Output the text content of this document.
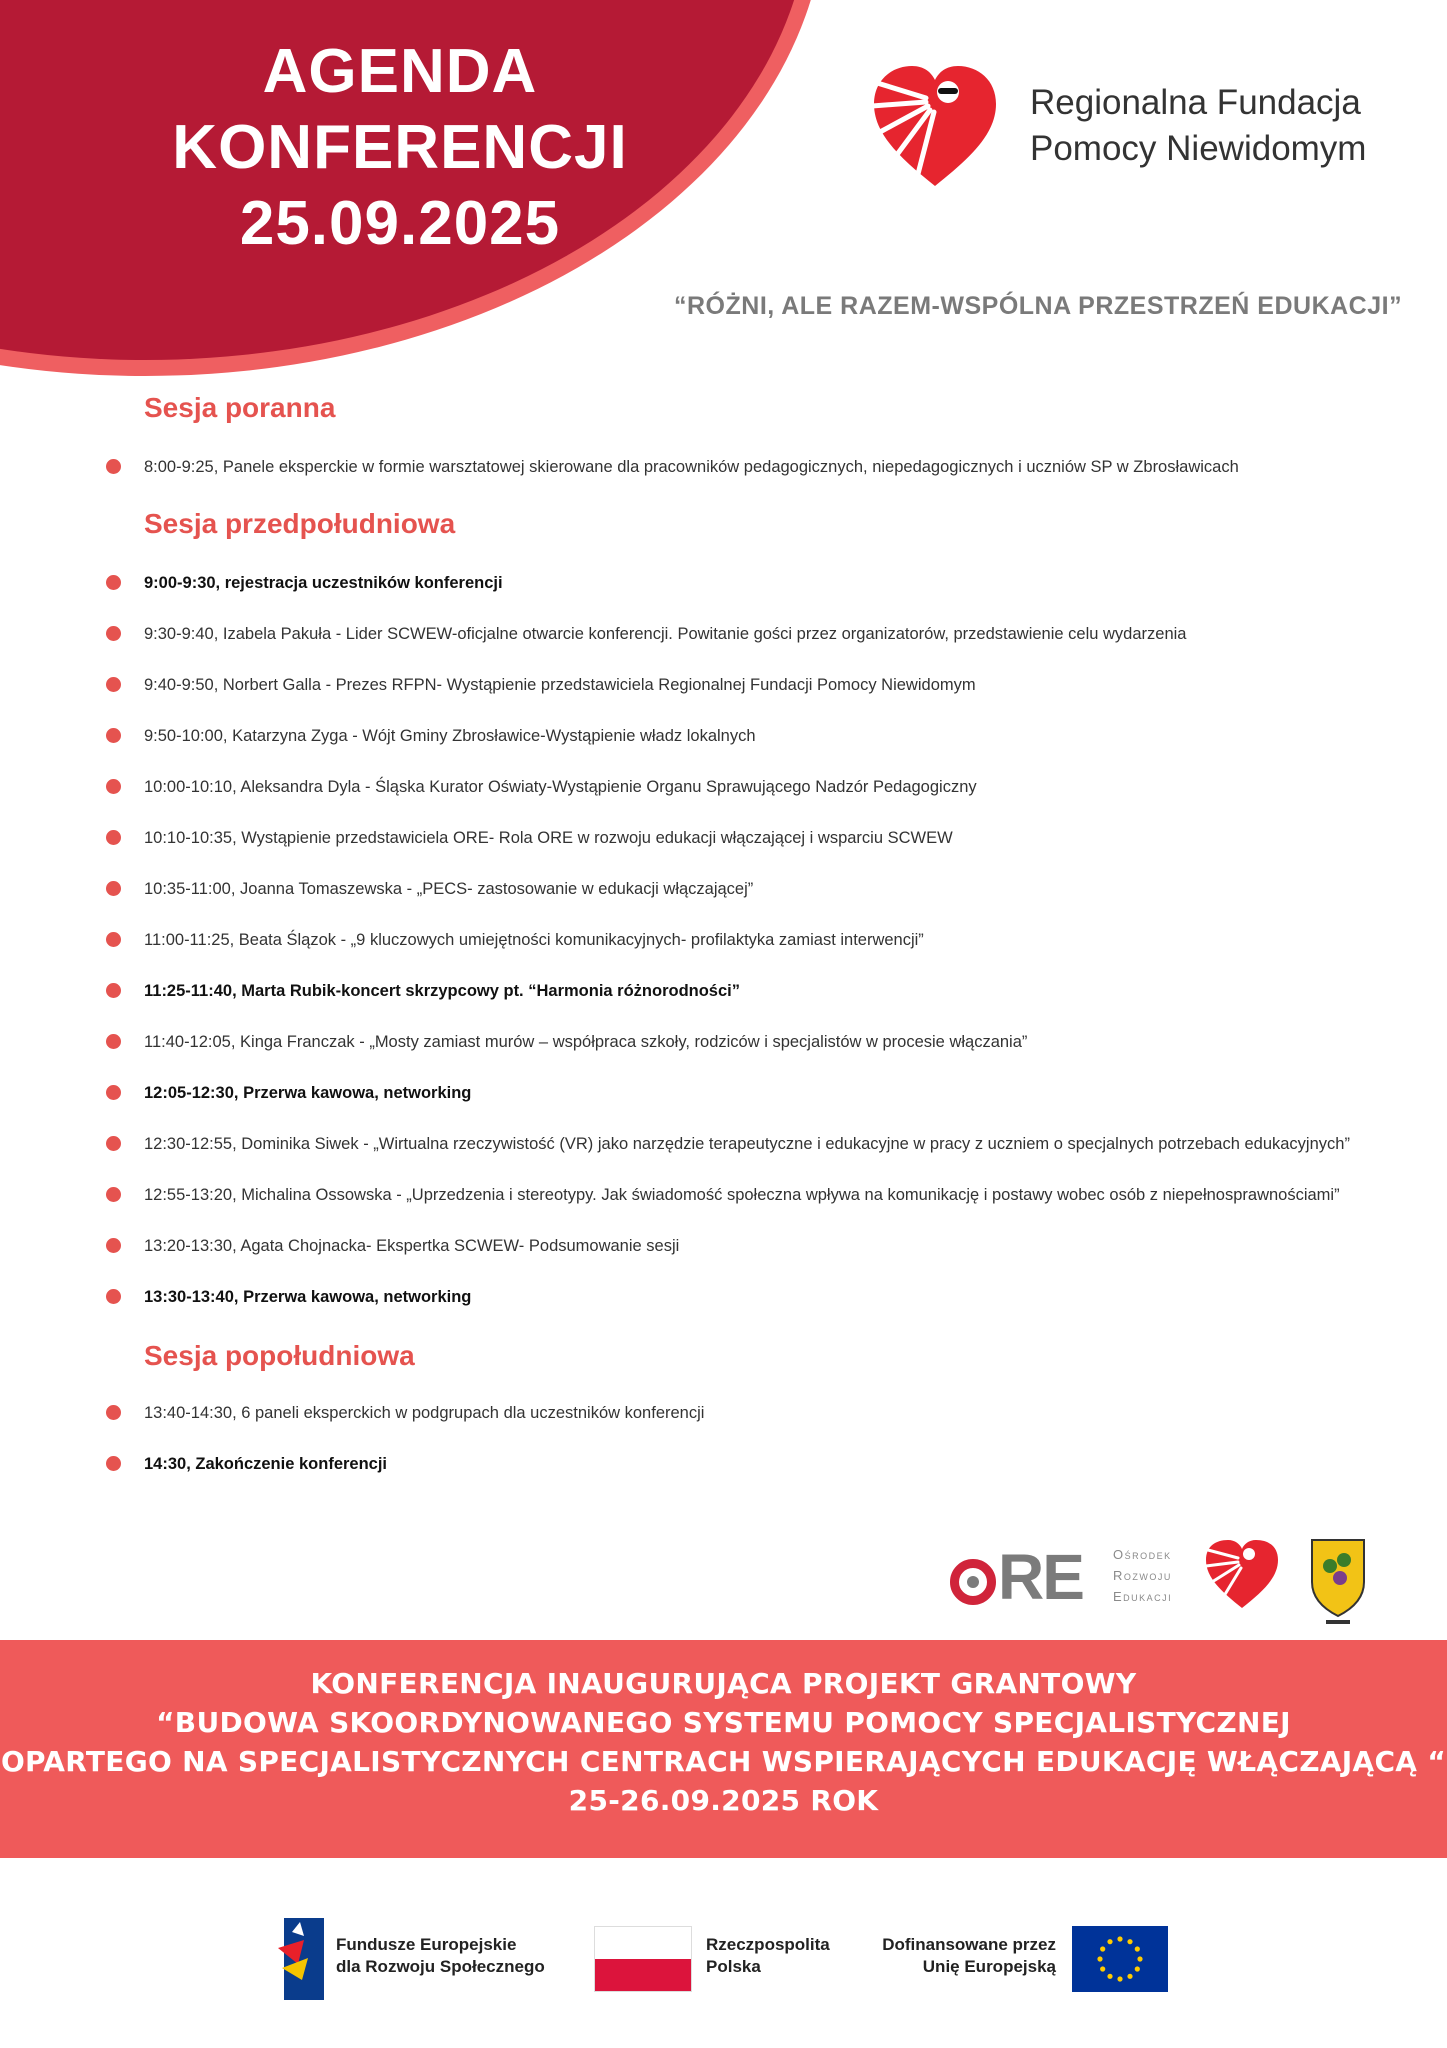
AGENDA
KONFERENCJI
25.09.2025
Regionalna Fundacja
Pomocy Niewidomym
“RÓŻNI, ALE RAZEM-WSPÓLNA PRZESTRZEŃ EDUKACJI”
Sesja poranna
8:00-9:25, Panele eksperckie w formie warsztatowej skierowane dla pracowników pedagogicznych, niepedagogicznych i uczniów SP w Zbrosławicach
Sesja przedpołudniowa
9:00-9:30, rejestracja uczestników konferencji
9:30-9:40, Izabela Pakuła - Lider SCWEW-oficjalne otwarcie konferencji. Powitanie gości przez organizatorów, przedstawienie celu wydarzenia
9:40-9:50, Norbert Galla - Prezes RFPN- Wystąpienie przedstawiciela Regionalnej Fundacji Pomocy Niewidomym
9:50-10:00, Katarzyna Zyga - Wójt Gminy Zbrosławice-Wystąpienie władz lokalnych
10:00-10:10, Aleksandra Dyla - Śląska Kurator Oświaty-Wystąpienie Organu Sprawującego Nadzór Pedagogiczny
10:10-10:35, Wystąpienie przedstawiciela ORE- Rola ORE w rozwoju edukacji włączającej i wsparciu SCWEW
10:35-11:00, Joanna Tomaszewska - „PECS- zastosowanie w edukacji włączającej”
11:00-11:25, Beata Ślązok - „9 kluczowych umiejętności komunikacyjnych- profilaktyka zamiast interwencji”
11:25-11:40, Marta Rubik-koncert skrzypcowy pt. “Harmonia różnorodności”
11:40-12:05, Kinga Franczak - „Mosty zamiast murów – współpraca szkoły, rodziców i specjalistów w procesie włączania”
12:05-12:30, Przerwa kawowa, networking
12:30-12:55, Dominika Siwek - „Wirtualna rzeczywistość (VR) jako narzędzie terapeutyczne i edukacyjne w pracy z uczniem o specjalnych potrzebach edukacyjnych”
12:55-13:20, Michalina Ossowska - „Uprzedzenia i stereotypy. Jak świadomość społeczna wpływa na komunikację i postawy wobec osób z niepełnosprawnościami”
13:20-13:30, Agata Chojnacka- Ekspertka SCWEW- Podsumowanie sesji
13:30-13:40, Przerwa kawowa, networking
Sesja popołudniowa
13:40-14:30, 6 paneli eksperckich w podgrupach dla uczestników konferencji
14:30, Zakończenie konferencji
RE Ośrodek
Rozwoju
Edukacji
KONFERENCJA INAUGURUJĄCA PROJEKT GRANTOWY
“BUDOWA SKOORDYNOWANEGO SYSTEMU POMOCY SPECJALISTYCZNEJ
OPARTEGO NA SPECJALISTYCZNYCH CENTRACH WSPIERAJĄCYCH EDUKACJĘ WŁĄCZAJĄCĄ “
25-26.09.2025 ROK
Fundusze Europejskie
dla Rozwoju Społecznego
Rzeczpospolita
Polska
Dofinansowane przez
Unię Europejską
